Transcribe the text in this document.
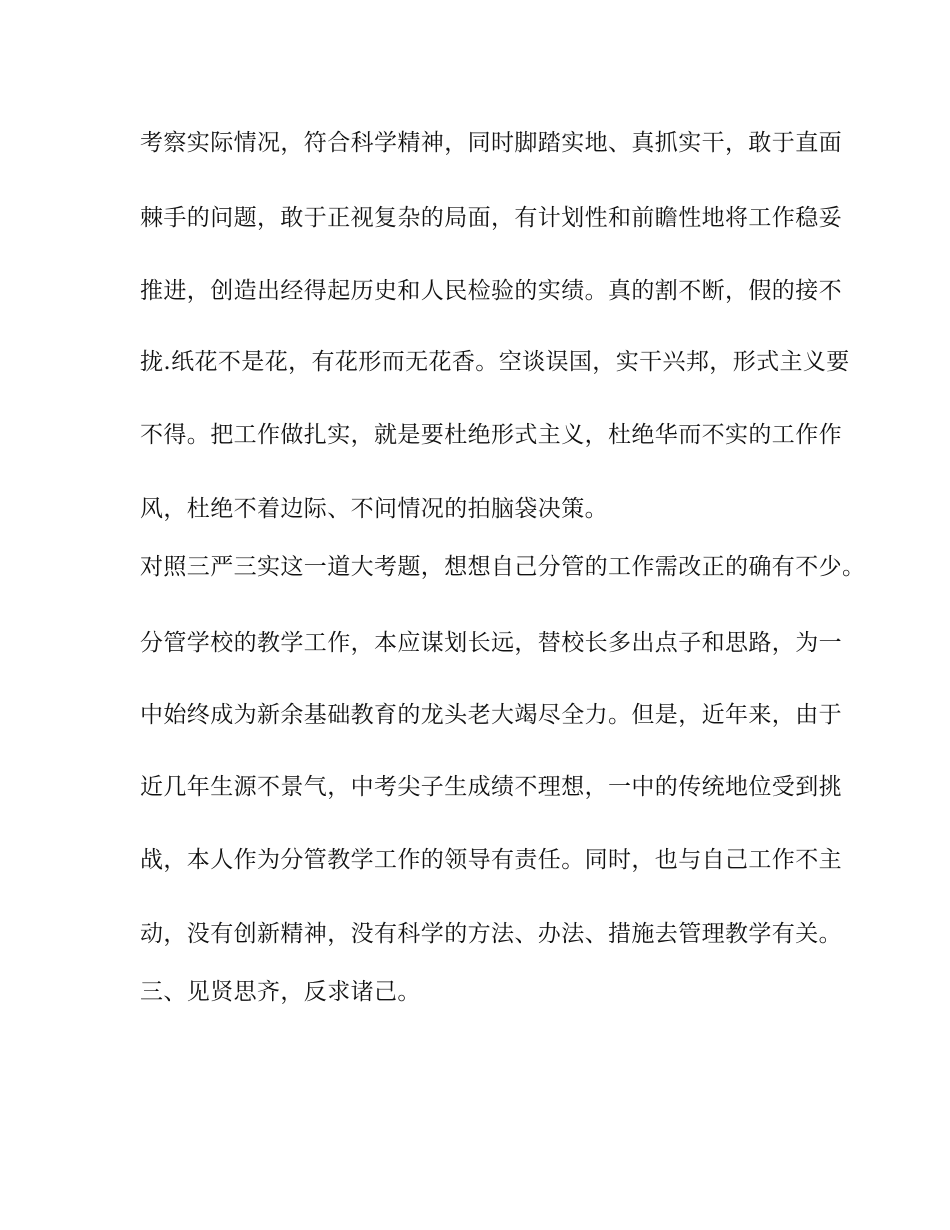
考察实际情况，符合科学精神，同时脚踏实地、真抓实干，敢于直面
棘手的问题，敢于正视复杂的局面，有计划性和前瞻性地将工作稳妥
推进，创造出经得起历史和人民检验的实绩。真的割不断，假的接不
拢.纸花不是花，有花形而无花香。空谈误国，实干兴邦，形式主义要
不得。把工作做扎实，就是要杜绝形式主义，杜绝华而不实的工作作
风，杜绝不着边际、不问情况的拍脑袋决策。
对照三严三实这一道大考题，想想自己分管的工作需改正的确有不少。
分管学校的教学工作，本应谋划长远，替校长多出点子和思路，为一
中始终成为新余基础教育的龙头老大竭尽全力。但是，近年来，由于
近几年生源不景气，中考尖子生成绩不理想，一中的传统地位受到挑
战，本人作为分管教学工作的领导有责任。同时，也与自己工作不主
动，没有创新精神，没有科学的方法、办法、措施去管理教学有关。
三、见贤思齐，反求诸己。
